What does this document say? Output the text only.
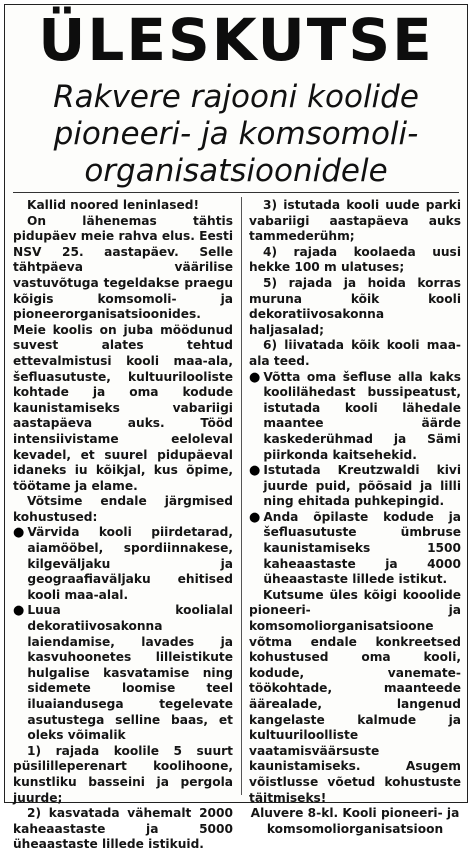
ÜLESKUTSE
Rakvere rajooni koolide
pioneeri- ja komsomoli-
organisatsioonidele

Kallid noored leninlased!

On lähenemas tähtis pidupäev meie rahva elus. Eesti NSV 25. aastapäev. Selle tähtpäeva väärilise vastuvõtuga tegeldakse praegu kõigis komsomoli- ja pioneerorganisatsioonides. Meie koolis on juba möödunud suvest alates tehtud ettevalmistusi kooli maa-ala, šefluasutuste, kultuurilooliste kohtade ja oma kodude kaunistamiseks vabariigi aastapäeva auks. Tööd intensiivistame eeloleval kevadel, et suurel pidupäeval idaneks iu kõikjal, kus õpime, töötame ja elame.

Võtsime endale järgmised kohustused:

● Värvida kooli piirdetarad, aiamööbel, spordiinnakese, kilgeväljaku ja geograafiaväljaku ehitised kooli maa-alal.
● Luua koolialal dekoratiivosakonna laiendamise, lavades ja kasvuhoonetes lilleistikute hulgalise kasvatamise ning sidemete loomise teel iluaiandusega tegelevate asutustega selline baas, et oleks võimalik

1) rajada koolile 5 suurt püsililleperenart koolihoone, kunstliku basseini ja pergola juurde;

2) kasvatada vähemalt 2000 kaheaastaste ja 5000 üheaastaste lillede istikuid.

3) istutada kooli uude parki vabariigi aastapäeva auks tammederühm;

4) rajada koolaeda uusi hekke 100 m ulatuses;

5) rajada ja hoida korras muruna kõik kooli dekoratiivosakonna haljasalad;

6) liivatada kõik kooli maa-ala teed.

● Võtta oma šefluse alla kaks koolilähedast bussipeatust, istutada kooli lähedale maantee äärde kaskederühmad ja Sämi piirkonda kaitsehekid.
● Istutada Kreutzwaldi kivi juurde puid, põõsaid ja lilli ning ehitada puhkepingid.
● Anda õpilaste kodude ja šefluasutuste ümbruse kaunistamiseks 1500 kaheaastaste ja 4000 üheaastaste lillede istikut.

Kutsume üles kõigi kooolide pioneeri- ja komsomoliorganisatsioone võtma endale konkreetsed kohustused oma kooli, kodude, vanemate-töökohtade, maanteede äärealade, langenud kangelaste kalmude ja kultuuriloolliste vaatamisväärsuste kaunistamiseks. Asugem võistlusse võetud kohustuste täitmiseks!

Aluvere 8-kl. Kooli pioneeri- ja komsomoliorganisatsioon
